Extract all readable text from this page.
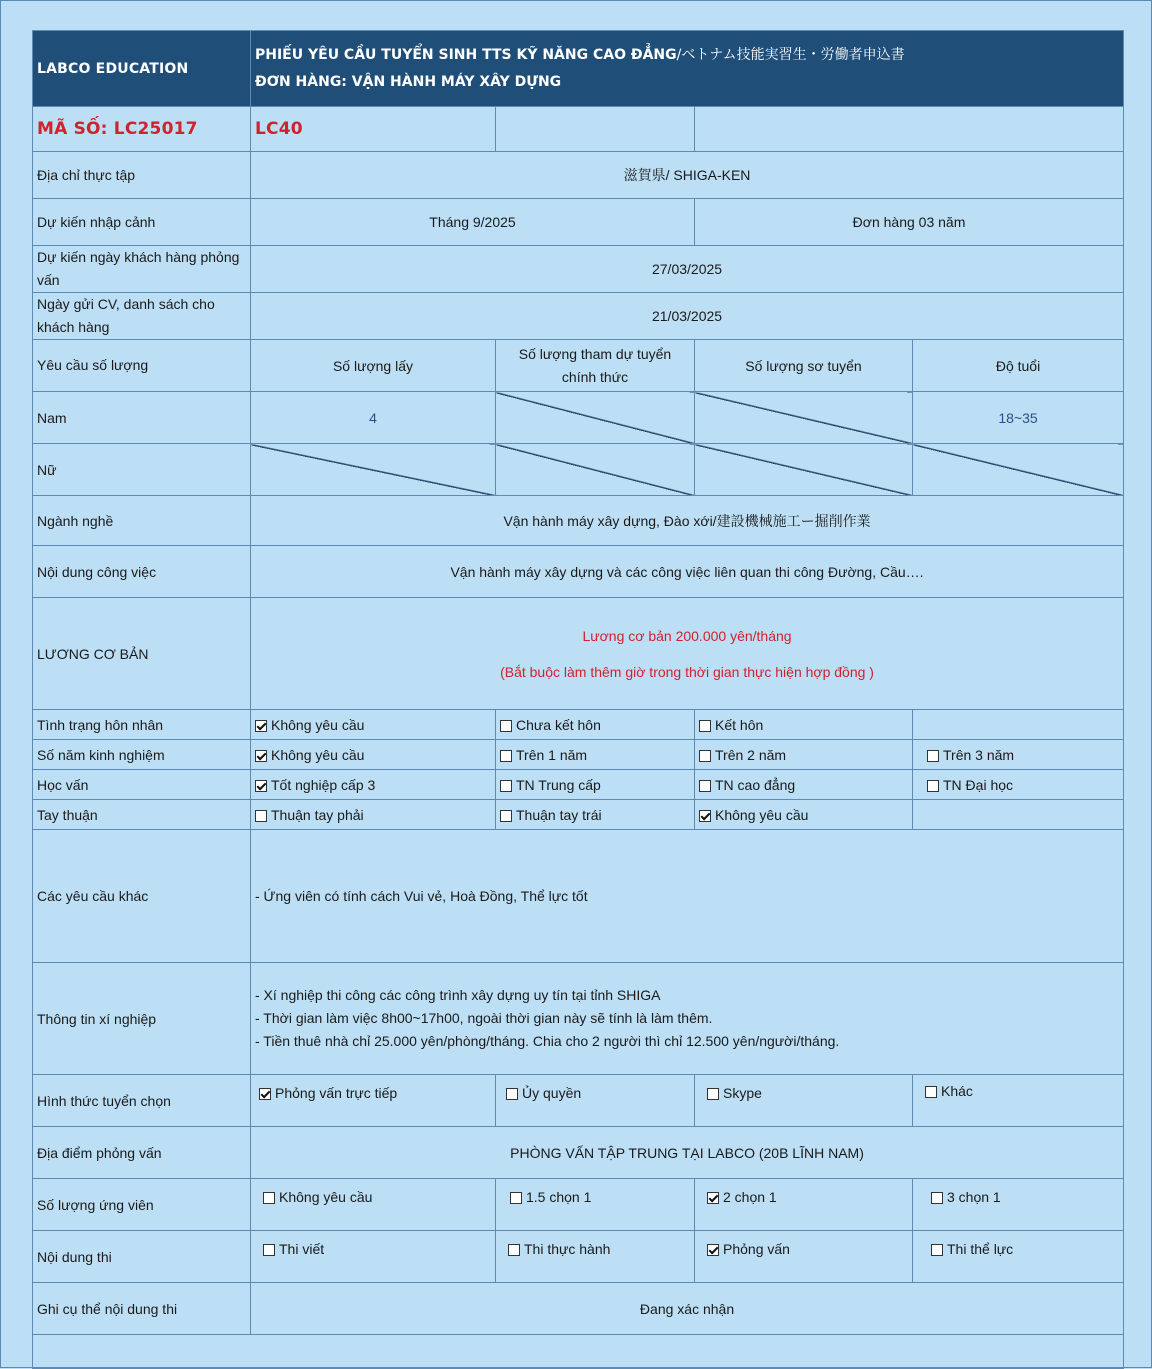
LABCO EDUCATION	PHIẾU YÊU CẦU TUYỂN SINH TTS KỸ NĂNG CAO ĐẲNG/ベトナム技能実習生・労働者申込書
ĐƠN HÀNG: VẬN HÀNH MÁY XÂY DỰNG			

MÃ SỐ: LC25017	LC40			
Địa chỉ thực tập	滋賀県/ SHIGA-KEN			
Dự kiến nhập cảnh	Tháng 9/2025		Đơn hàng 03 năm	
Dự kiến ngày khách hàng phỏng vấn	27/03/2025			
Ngày gửi CV, danh sách cho khách hàng	21/03/2025			
Yêu cầu số lượng	Số lượng lấy	Số lượng tham dự tuyển chính thức	Số lượng sơ tuyển	Độ tuổi
Nam	4			18~35
Nữ				
Ngành nghề	Vận hành máy xây dựng, Đào xới/建設機械施工ー掘削作業			
Nội dung công việc	Vận hành máy xây dựng và các công việc liên quan thi công Đường, Cầu….			
LƯƠNG CƠ BẢN	Lương cơ bản 200.000 yên/tháng
(Bắt buộc làm thêm giờ trong thời gian thực hiện hợp đồng )			

Tình trạng hôn nhân	Không yêu cầu	Chưa kết hôn	Kết hôn	
Số năm kinh nghiệm	Không yêu cầu	Trên 1 năm	Trên 2 năm	Trên 3 năm
Học vấn	Tốt nghiệp cấp 3	TN Trung cấp	TN cao đẳng	TN Đại học
Tay thuận	Thuận tay phải	Thuận tay trái	Không yêu cầu	
Các yêu cầu khác	- Ứng viên có tính cách Vui vẻ, Hoà Đồng, Thể lực tốt			
Thông tin xí nghiệp	- Xí nghiệp thi công các công trình xây dựng uy tín tại tỉnh SHIGA
- Thời gian làm việc 8h00~17h00, ngoài thời gian này sẽ tính là làm thêm.
- Tiền thuê nhà chỉ 25.000 yên/phòng/tháng. Chia cho 2 người thì chỉ 12.500 yên/người/tháng.			

Hình thức tuyển chọn	Phỏng vấn trực tiếp	Ủy quyền	Skype	Khác
Địa điểm phỏng vấn	PHÒNG VẤN TẬP TRUNG TẠI LABCO (20B LĨNH NAM)			
Số lượng ứng viên	Không yêu cầu	1.5 chọn 1	2 chọn 1	3 chọn 1
Nội dung thi	Thi viết	Thi thực hành	Phỏng vấn	Thi thể lực
Ghi cụ thể nội dung thi	Đang xác nhận			
